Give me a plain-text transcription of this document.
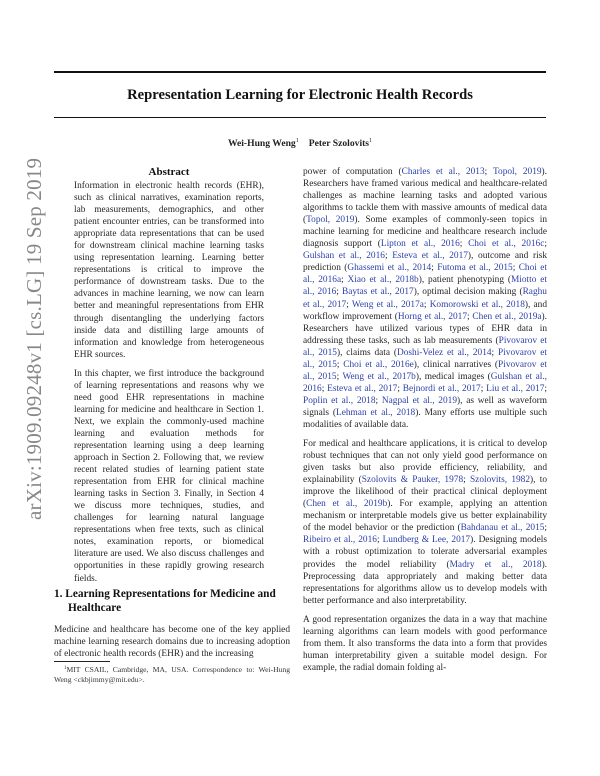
arXiv:1909.09248v1 [cs.LG] 19 Sep 2019
Representation Learning for Electronic Health Records
Wei-Hung Weng$^1$ Peter Szolovits$^1$
Abstract

Information in electronic health records (EHR), such as clinical narratives, examination reports, lab measurements, demographics, and other patient encounter entries, can be transformed into appropriate data representations that can be used for downstream clinical machine learning tasks using representation learning. Learning better representations is critical to improve the performance of downstream tasks. Due to the advances in machine learning, we now can learn better and meaningful representations from EHR through disentangling the underlying factors inside data and distilling large amounts of information and knowledge from heterogeneous EHR sources.

In this chapter, we first introduce the background of learning representations and reasons why we need good EHR representations in machine learning for medicine and healthcare in Section 1. Next, we explain the commonly-used machine learning and evaluation methods for representation learning using a deep learning approach in Section 2. Following that, we review recent related studies of learning patient state representation from EHR for clinical machine learning tasks in Section 3. Finally, in Section 4 we discuss more techniques, studies, and challenges for learning natural language representations when free texts, such as clinical notes, examination reports, or biomedical literature are used. We also discuss challenges and opportunities in these rapidly growing research fields.

1. Learning Representations for Medicine and Healthcare

Medicine and healthcare has become one of the key applied machine learning research domains due to increasing adoption of electronic health records (EHR) and the increasing

$^1$MIT CSAIL, Cambridge, MA, USA. Correspondence to: Wei-Hung Weng <ckbjimmy@mit.edu>.

power of computation (Charles et al., 2013; Topol, 2019). Researchers have framed various medical and healthcare-related challenges as machine learning tasks and adopted various algorithms to tackle them with massive amounts of medical data (Topol, 2019). Some examples of commonly-seen topics in machine learning for medicine and healthcare research include diagnosis support (Lipton et al., 2016; Choi et al., 2016c; Gulshan et al., 2016; Esteva et al., 2017), outcome and risk prediction (Ghassemi et al., 2014; Futoma et al., 2015; Choi et al., 2016a; Xiao et al., 2018b), patient phenotyping (Miotto et al., 2016; Baytas et al., 2017), optimal decision making (Raghu et al., 2017; Weng et al., 2017a; Komorowski et al., 2018), and workflow improvement (Horng et al., 2017; Chen et al., 2019a). Researchers have utilized various types of EHR data in addressing these tasks, such as lab measurements (Pivovarov et al., 2015), claims data (Doshi-Velez et al., 2014; Pivovarov et al., 2015; Choi et al., 2016e), clinical narratives (Pivovarov et al., 2015; Weng et al., 2017b), medical images (Gulshan et al., 2016; Esteva et al., 2017; Bejnordi et al., 2017; Liu et al., 2017; Poplin et al., 2018; Nagpal et al., 2019), as well as waveform signals (Lehman et al., 2018). Many efforts use multiple such modalities of available data.

For medical and healthcare applications, it is critical to develop robust techniques that can not only yield good performance on given tasks but also provide efficiency, reliability, and explainability (Szolovits & Pauker, 1978; Szolovits, 1982), to improve the likelihood of their practical clinical deployment (Chen et al., 2019b). For example, applying an attention mechanism or interpretable models give us better explainability of the model behavior or the prediction (Bahdanau et al., 2015; Ribeiro et al., 2016; Lundberg & Lee, 2017). Designing models with a robust optimization to tolerate adversarial examples provides the model reliability (Madry et al., 2018). Preprocessing data appropriately and making better data representations for algorithms allow us to develop models with better performance and also interpretability.

A good representation organizes the data in a way that machine learning algorithms can learn models with good performance from them. It also transforms the data into a form that provides human interpretability given a suitable model design. For example, the radial domain folding al-
